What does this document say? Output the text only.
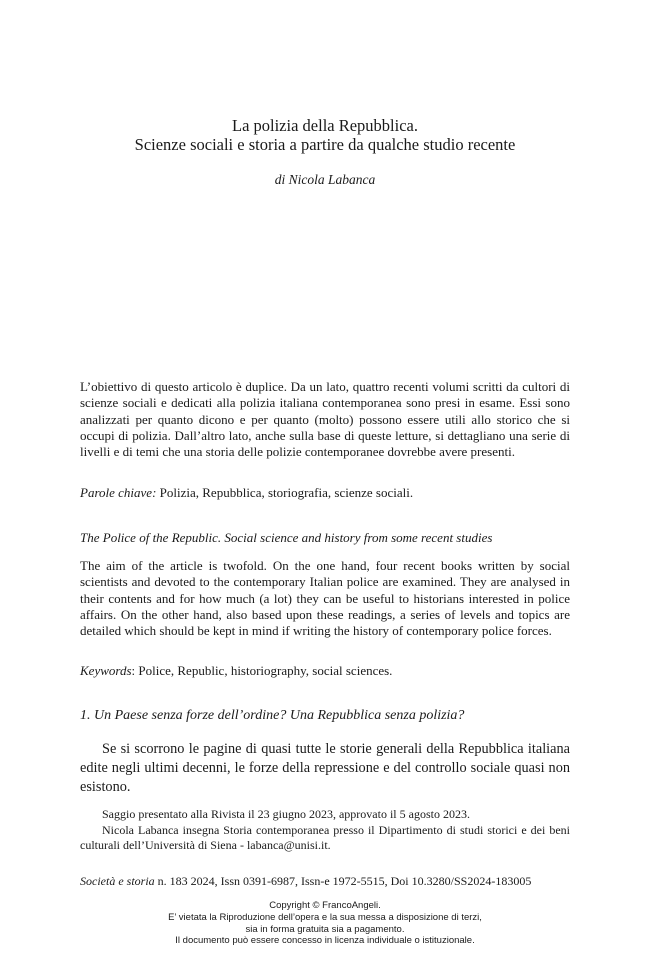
La polizia della Repubblica.
Scienze sociali e storia a partire da qualche studio recente
di Nicola Labanca

L’obiettivo di questo articolo è duplice. Da un lato, quattro recenti volumi scritti da cultori di scienze sociali e dedicati alla polizia italiana contemporanea sono presi in esame. Essi sono analizzati per quanto dicono e per quanto (molto) possono essere utili allo storico che si occupi di polizia. Dall’altro lato, anche sulla base di queste letture, si dettagliano una serie di livelli e di temi che una storia delle polizie contemporanee dovrebbe avere presenti.

Parole chiave: Polizia, Repubblica, storiografia, scienze sociali.

The Police of the Republic. Social science and history from some recent studies

The aim of the article is twofold. On the one hand, four recent books written by social scientists and devoted to the contemporary Italian police are examined. They are analysed in their contents and for how much (a lot) they can be useful to historians interested in police affairs. On the other hand, also based upon these readings, a series of levels and topics are detailed which should be kept in mind if writing the history of contemporary police forces.

Keywords: Police, Republic, historiography, social sciences.

1. Un Paese senza forze dell’ordine? Una Repubblica senza polizia?

Se si scorrono le pagine di quasi tutte le storie generali della Repubblica italiana edite negli ultimi decenni, le forze della repressione e del controllo sociale quasi non esistono.

Saggio presentato alla Rivista il 23 giugno 2023, approvato il 5 agosto 2023.

Nicola Labanca insegna Storia contemporanea presso il Dipartimento di studi storici e dei beni culturali dell’Università di Siena - labanca@unisi.it.

Società e storia n. 183 2024, Issn 0391-6987, Issn-e 1972-5515, Doi 10.3280/SS2024-183005

Copyright © FrancoAngeli.
E’ vietata la Riproduzione dell’opera e la sua messa a disposizione di terzi,
sia in forma gratuita sia a pagamento.
Il documento può essere concesso in licenza individuale o istituzionale.
